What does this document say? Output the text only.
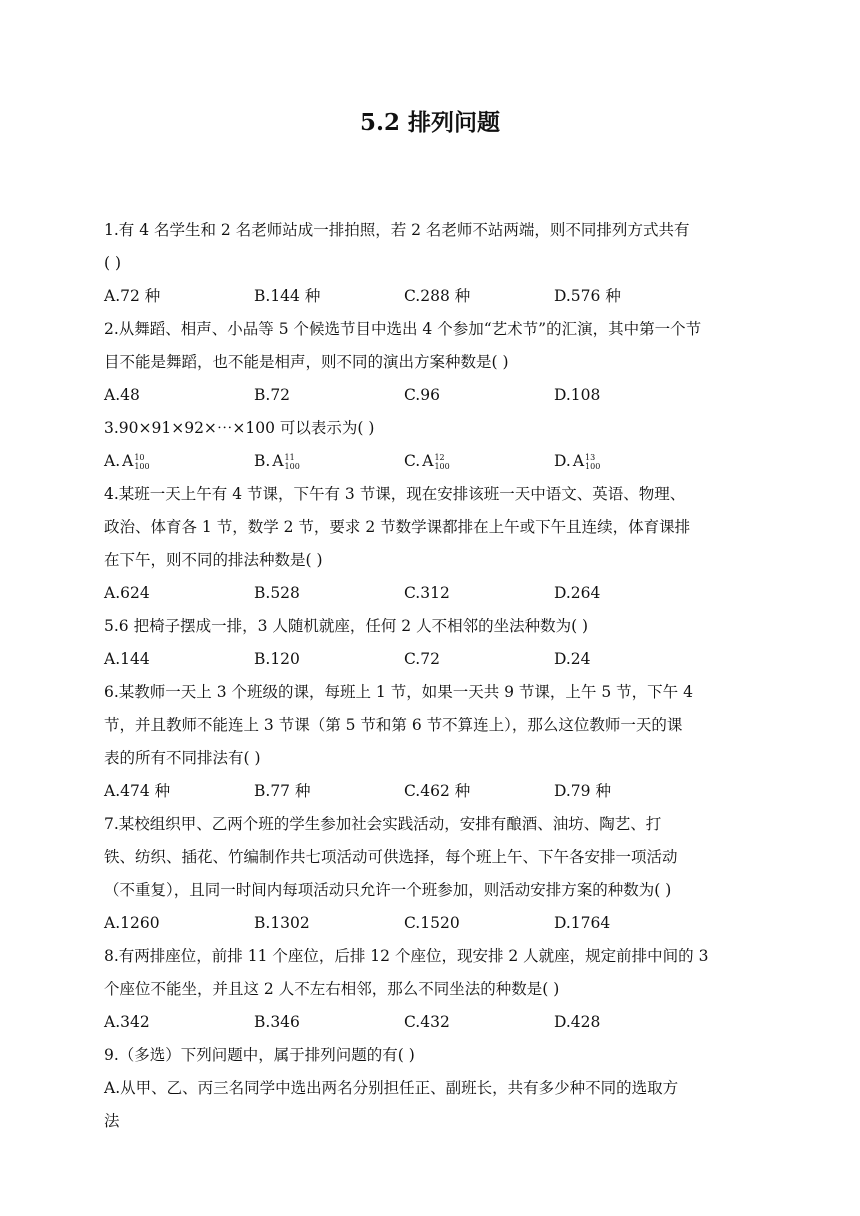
5.2 排列问题
1.有 4 名学生和 2 名老师站成一排拍照，若 2 名老师不站两端，则不同排列方式共有
( )
A.72 种	B.144 种	C.288 种	D.576 种
2.从舞蹈、相声、小品等 5 个候选节目中选出 4 个参加“艺术节”的汇演，其中第一个节
目不能是舞蹈，也不能是相声，则不同的演出方案种数是( )
A.48	B.72	C.96	D.108
3.90×91×92×⋯×100 可以表示为( )
A. A 10
100	B. A 11
100	C. A 12
100	D. A 13
100
4.某班一天上午有 4 节课，下午有 3 节课，现在安排该班一天中语文、英语、物理、
政治、体育各 1 节，数学 2 节，要求 2 节数学课都排在上午或下午且连续，体育课排
在下午，则不同的排法种数是( )
A.624	B.528	C.312	D.264
5.6 把椅子摆成一排，3 人随机就座，任何 2 人不相邻的坐法种数为( )
A.144	B.120	C.72	D.24
6.某教师一天上 3 个班级的课，每班上 1 节，如果一天共 9 节课，上午 5 节，下午 4
节，并且教师不能连上 3 节课（第 5 节和第 6 节不算连上），那么这位教师一天的课
表的所有不同排法有( )
A.474 种	B.77 种	C.462 种	D.79 种
7.某校组织甲、乙两个班的学生参加社会实践活动，安排有酿酒、油坊、陶艺、打
铁、纺织、插花、竹编制作共七项活动可供选择，每个班上午、下午各安排一项活动
（不重复），且同一时间内每项活动只允许一个班参加，则活动安排方案的种数为( )
A.1260	B.1302	C.1520	D.1764
8.有两排座位，前排 11 个座位，后排 12 个座位，现安排 2 人就座，规定前排中间的 3
个座位不能坐，并且这 2 人不左右相邻，那么不同坐法的种数是( )
A.342	B.346	C.432	D.428
9.（多选）下列问题中，属于排列问题的有( )
A.从甲、乙、丙三名同学中选出两名分别担任正、副班长，共有多少种不同的选取方
法
